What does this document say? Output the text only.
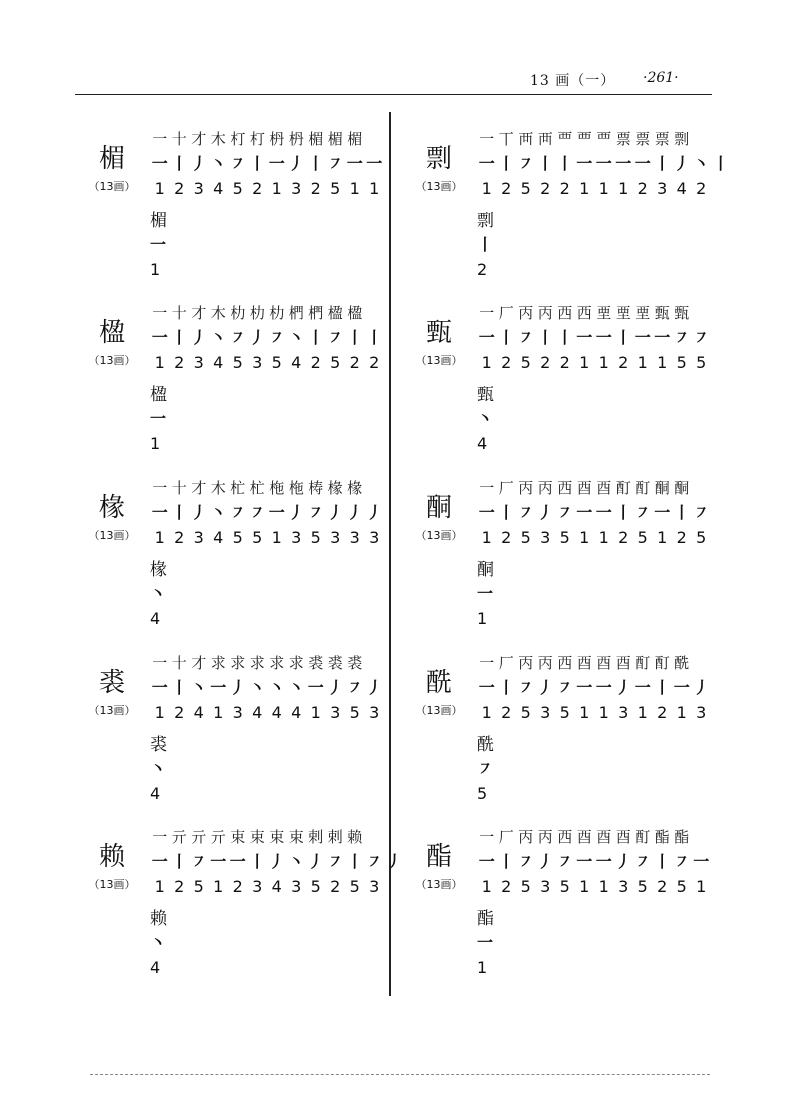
13 画（一） ·261·
楣
（13画）
一 十 才 木 朾 朾 枬 枬 楣 楣 楣
一 丨 丿 丶 ㇇ 丨 一 丿 丨 ㇇ 一 一
1 2 3 4 5 2 1 3 2 5 1 1
楣
一
1
楹
（13画）
一 十 才 木 朸 朸 朸 椚 椚 楹 楹
一 丨 丿 丶 ㇇ 丿 ㇇ 丶 丨 ㇇ 丨 丨
1 2 3 4 5 3 5 4 2 5 2 2
楹
一
1
椽
（13画）
一 十 才 木 杧 杧 柂 柂 梼 椽 椽
一 丨 丿 丶 ㇇ ㇇ 一 丿 ㇇ 丿 丿 丿
1 2 3 4 5 5 1 3 5 3 3 3
椽
丶
4
裘
（13画）
一 十 才 求 求 求 求 求 裘 裘 裘
一 丨 丶 一 丿 丶 丶 丶 一 丿 ㇇ 丿
1 2 4 1 3 4 4 4 1 3 5 3
裘
丶
4
赖
（13画）
一 亓 亓 亓 束 束 束 束 剌 剌 赖
一 丨 ㇇ 一 一 丨 丿 丶 丿 ㇇ 丨 ㇇ 丿
1 2 5 1 2 3 4 3 5 2 5 3
赖
丶
4
剽
（13画）
一 丅 襾 襾 覀 覀 覀 票 票 票 剽
一 丨 ㇇ 丨 丨 一 一 一 一 丨 丿 丶 丨
1 2 5 2 2 1 1 1 2 3 4 2
剽
丨
2
甄
（13画）
一 厂 丙 丙 西 西 垔 垔 垔 甄 甄
一 丨 ㇇ 丨 丨 一 一 丨 一 一 ㇇ ㇇
1 2 5 2 2 1 1 2 1 1 5 5
甄
丶
4
酮
（13画）
一 厂 丙 丙 西 酉 酉 酊 酊 酮 酮
一 丨 ㇇ 丿 ㇇ 一 一 丨 ㇇ 一 丨 ㇇
1 2 5 3 5 1 1 2 5 1 2 5
酮
一
1
酰
（13画）
一 厂 丙 丙 西 酉 酉 酉 酊 酊 酰
一 丨 ㇇ 丿 ㇇ 一 一 丿 一 丨 一 丿
1 2 5 3 5 1 1 3 1 2 1 3
酰
㇇
5
酯
（13画）
一 厂 丙 丙 西 酉 酉 酉 酊 酯 酯
一 丨 ㇇ 丿 ㇇ 一 一 丿 ㇇ 丨 ㇇ 一
1 2 5 3 5 1 1 3 5 2 5 1
酯
一
1
